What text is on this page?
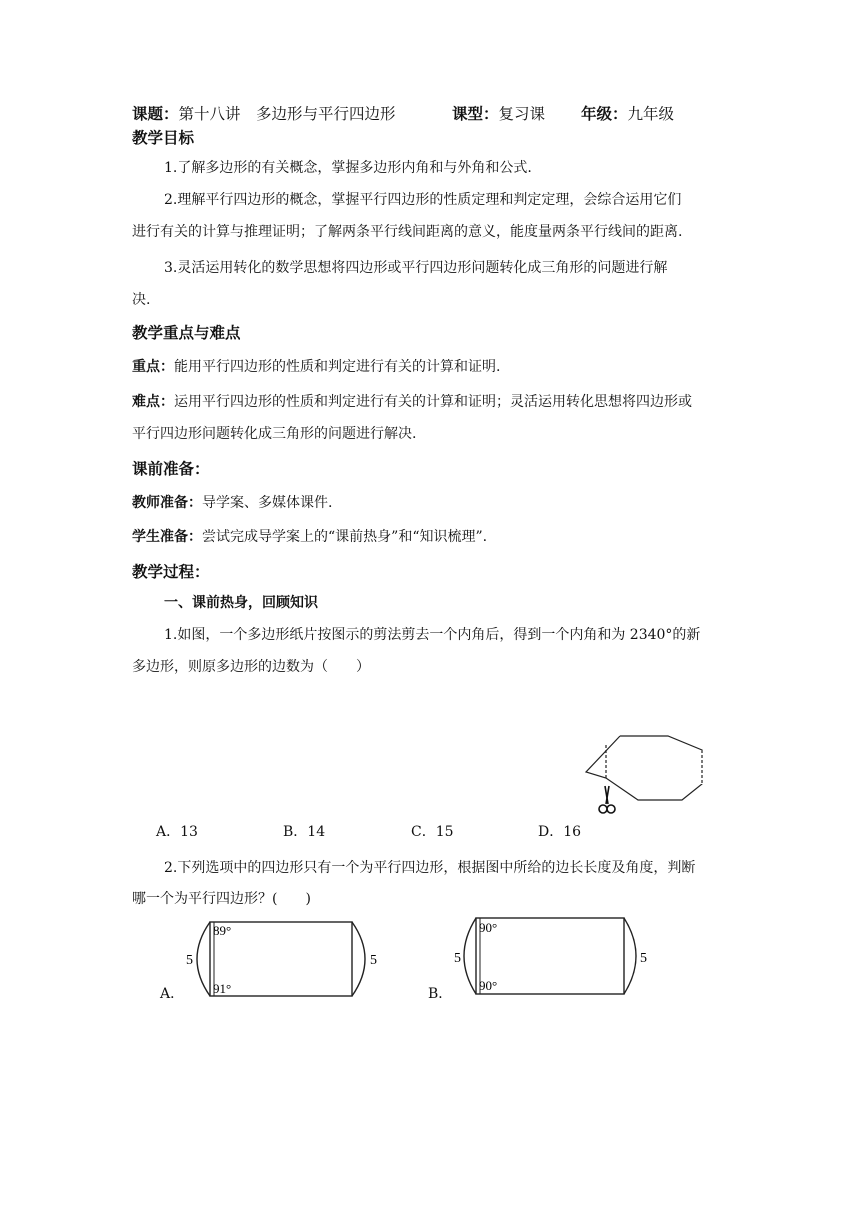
课题：第十八讲　多边形与平行四边形	课型：复习课 年级：九年级
教学目标
1.了解多边形的有关概念，掌握多边形内角和与外角和公式.
2.理解平行四边形的概念，掌握平行四边形的性质定理和判定定理，会综合运用它们
进行有关的计算与推理证明；了解两条平行线间距离的意义，能度量两条平行线间的距离.
3.灵活运用转化的数学思想将四边形或平行四边形问题转化成三角形的问题进行解
决.
教学重点与难点
重点：能用平行四边形的性质和判定进行有关的计算和证明.
难点：运用平行四边形的性质和判定进行有关的计算和证明；灵活运用转化思想将四边形或
平行四边形问题转化成三角形的问题进行解决.
课前准备：
教师准备：导学案、多媒体课件.
学生准备：尝试完成导学案上的“课前热身”和“知识梳理”.
教学过程：
一、课前热身，回顾知识
1.如图，一个多边形纸片按图示的剪法剪去一个内角后，得到一个内角和为 2340°的新
多边形，则原多边形的边数为（　　）
A．13	B．14	C．15	D．16
2.下列选项中的四边形只有一个为平行四边形，根据图中所给的边长长度及角度，判断
哪一个为平行四边形？(　　)
5	5
89°
91°
A．
5	5
90°
90°
B．
